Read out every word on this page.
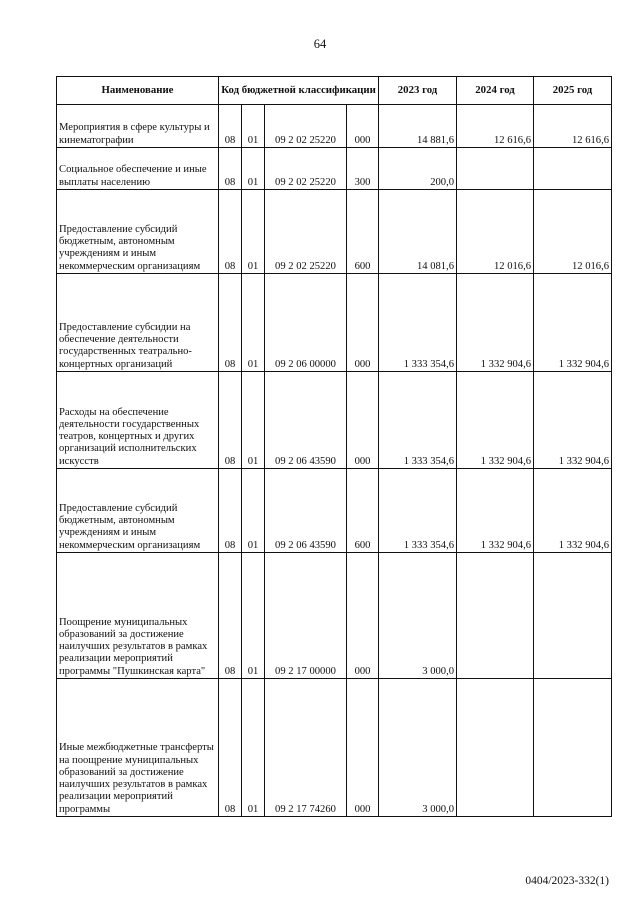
64
Наименование	Код бюджетной классификации				2023 год	2024 год	2025 год
Мероприятия в сфере культуры и кинематографии	08	01	09 2 02 25220	000	14 881,6	12 616,6	12 616,6
Социальное обеспечение и иные выплаты населению	08	01	09 2 02 25220	300	200,0		
Предоставление субсидий бюджетным, автономным учреждениям и иным некоммерческим организациям	08	01	09 2 02 25220	600	14 081,6	12 016,6	12 016,6
Предоставление субсидии на обеспечение деятельности государственных театрально-концертных организаций	08	01	09 2 06 00000	000	1 333 354,6	1 332 904,6	1 332 904,6
Расходы на обеспечение деятельности государственных театров, концертных и других организаций исполнительских искусств	08	01	09 2 06 43590	000	1 333 354,6	1 332 904,6	1 332 904,6
Предоставление субсидий бюджетным, автономным учреждениям и иным некоммерческим организациям	08	01	09 2 06 43590	600	1 333 354,6	1 332 904,6	1 332 904,6
Поощрение муниципальных образований за достижение наилучших результатов в рамках реализации мероприятий программы "Пушкинская карта"	08	01	09 2 17 00000	000	3 000,0		
Иные межбюджетные трансферты на поощрение муниципальных образований за достижение наилучших результатов в рамках реализации мероприятий программы	08	01	09 2 17 74260	000	3 000,0		
0404/2023-332(1)
